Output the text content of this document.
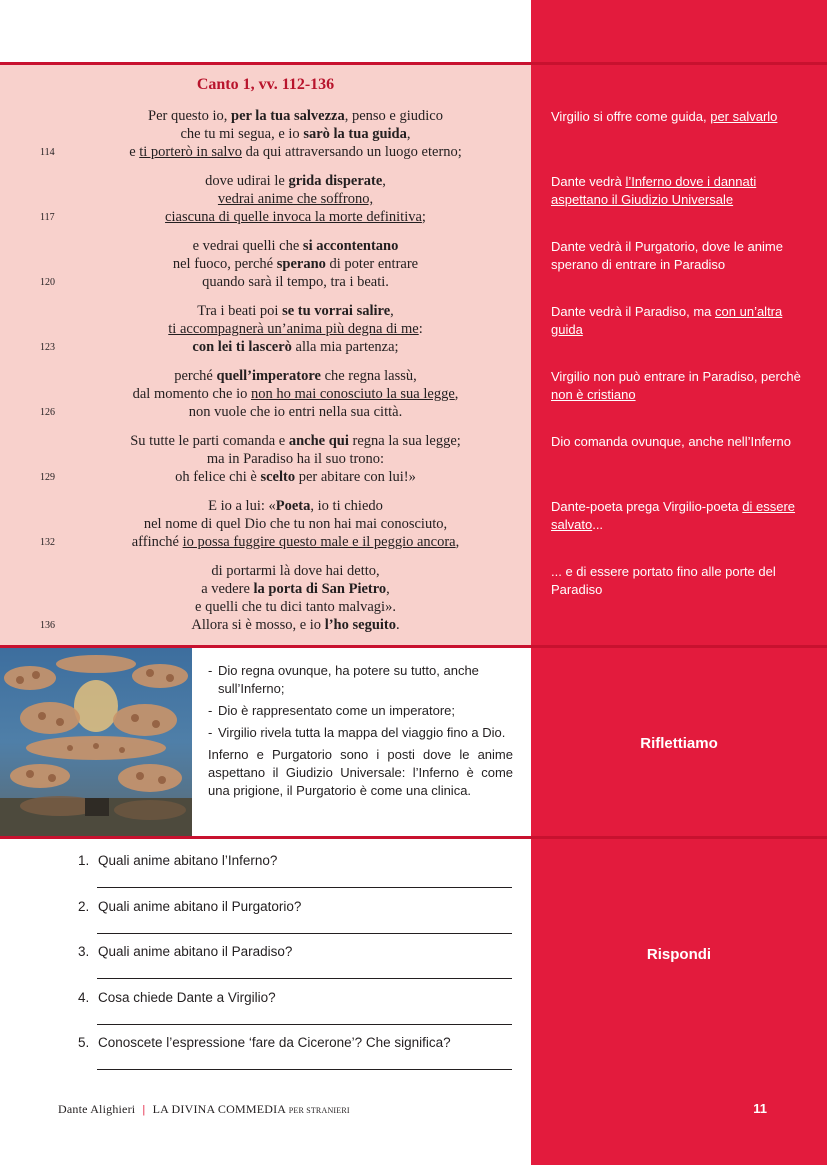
Canto 1, vv. 112-136
Per questo io, per la tua salvezza, penso e giudico
che tu mi segua, e io sarò la tua guida,
e ti porterò in salvo da qui attraversando un luogo eterno;
114
dove udirai le grida disperate,
vedrai anime che soffrono,
ciascuna di quelle invoca la morte definitiva;
117
e vedrai quelli che si accontentano
nel fuoco, perché sperano di poter entrare
quando sarà il tempo, tra i beati.
120
Tra i beati poi se tu vorrai salire,
ti accompagnerà un’anima più degna di me:
con lei ti lascerò alla mia partenza;
123
perché quell’imperatore che regna lassù,
dal momento che io non ho mai conosciuto la sua legge,
non vuole che io entri nella sua città.
126
Su tutte le parti comanda e anche qui regna la sua legge;
ma in Paradiso ha il suo trono:
oh felice chi è scelto per abitare con lui!»
129
E io a lui: «Poeta, io ti chiedo
nel nome di quel Dio che tu non hai mai conosciuto,
affinché io possa fuggire questo male e il peggio ancora,
132
di portarmi là dove hai detto,
a vedere la porta di San Pietro,
e quelli che tu dici tanto malvagi».
Allora si è mosso, e io l’ho seguito.
136
- Dio regna ovunque, ha potere su tutto, anche sull’Inferno;
- Dio è rappresentato come un imperatore;
- Virgilio rivela tutta la mappa del viaggio fino a Dio.

Inferno e Purgatorio sono i posti dove le anime aspettano il Giudizio Universale: l’Inferno è come una prigione, il Purgatorio è come una clinica.

Riflettiamo
1. Quali anime abitano l’Inferno?
2. Quali anime abitano il Purgatorio?
3. Quali anime abitano il Paradiso?
4. Cosa chiede Dante a Virgilio?
5. Conoscete l’espressione ‘fare da Cicerone’? Che significa?
Rispondi
Dante Alighieri | LA DIVINA COMMEDIA PER STRANIERI	11
Virgilio si offre come guida, per salvarlo
Dante vedrà l’Inferno dove i dannati aspettano il Giudizio Universale
Dante vedrà il Purgatorio, dove le anime sperano di entrare in Paradiso
Dante vedrà il Paradiso, ma con un’altra guida
Virgilio non può entrare in Paradiso, perchè non è cristiano
Dio comanda ovunque, anche nell’Inferno
Dante-poeta prega Virgilio-poeta di essere salvato...
... e di essere portato fino alle porte del Paradiso
